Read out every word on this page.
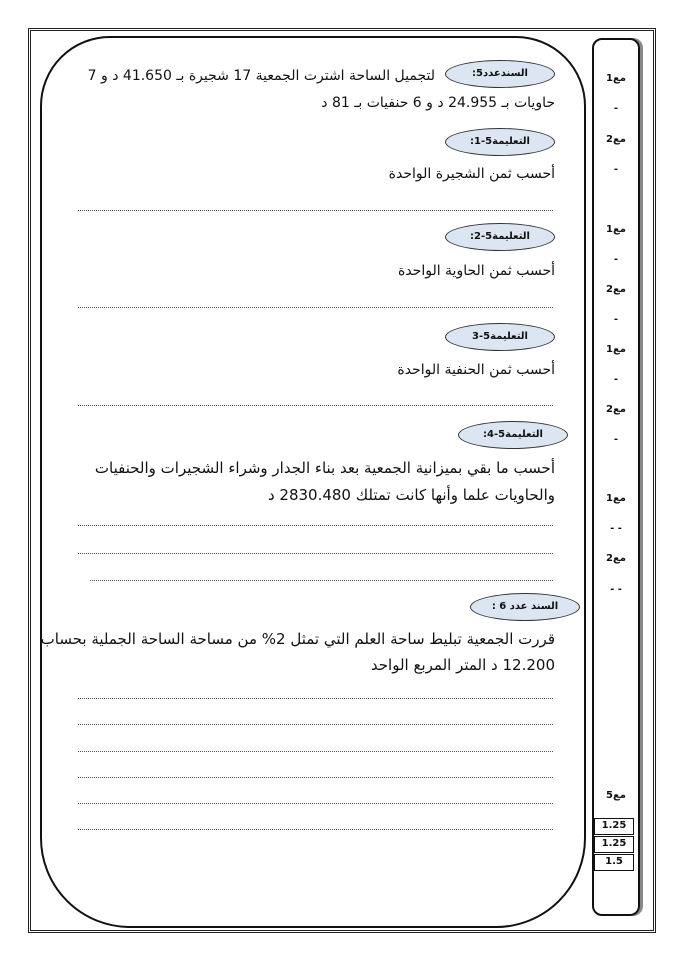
السندعدد5:
لتجميل الساحة اشترت الجمعية 17 شجيرة بـ 41.650 د و 7
حاويات بـ 24.955 د و 6 حنفيات بـ 81 د
التعليمة5-1:
أحسب ثمن الشجيرة الواحدة
التعليمة5-2:
أحسب ثمن الحاوية الواحدة
التعليمة5-3
أحسب ثمن الحنفية الواحدة
التعليمة5-4:
أحسب ما بقي بميزانية الجمعية بعد بناء الجدار وشراء الشجيرات والحنفيات
والحاويات علما وأنها كانت تمتلك 2830.480 د
السند عدد 6 :
قررت الجمعية تبليط ساحة العلم التي تمثل 2% من مساحة الساحة الجملية بحساب
12.200 د المتر المربع الواحد
مع1
-
مع2
-
مع1
-
مع2
-
مع1
-
مع2
-
مع1
- -
مع2
- -
مع5
1.25
1.25
1.5
